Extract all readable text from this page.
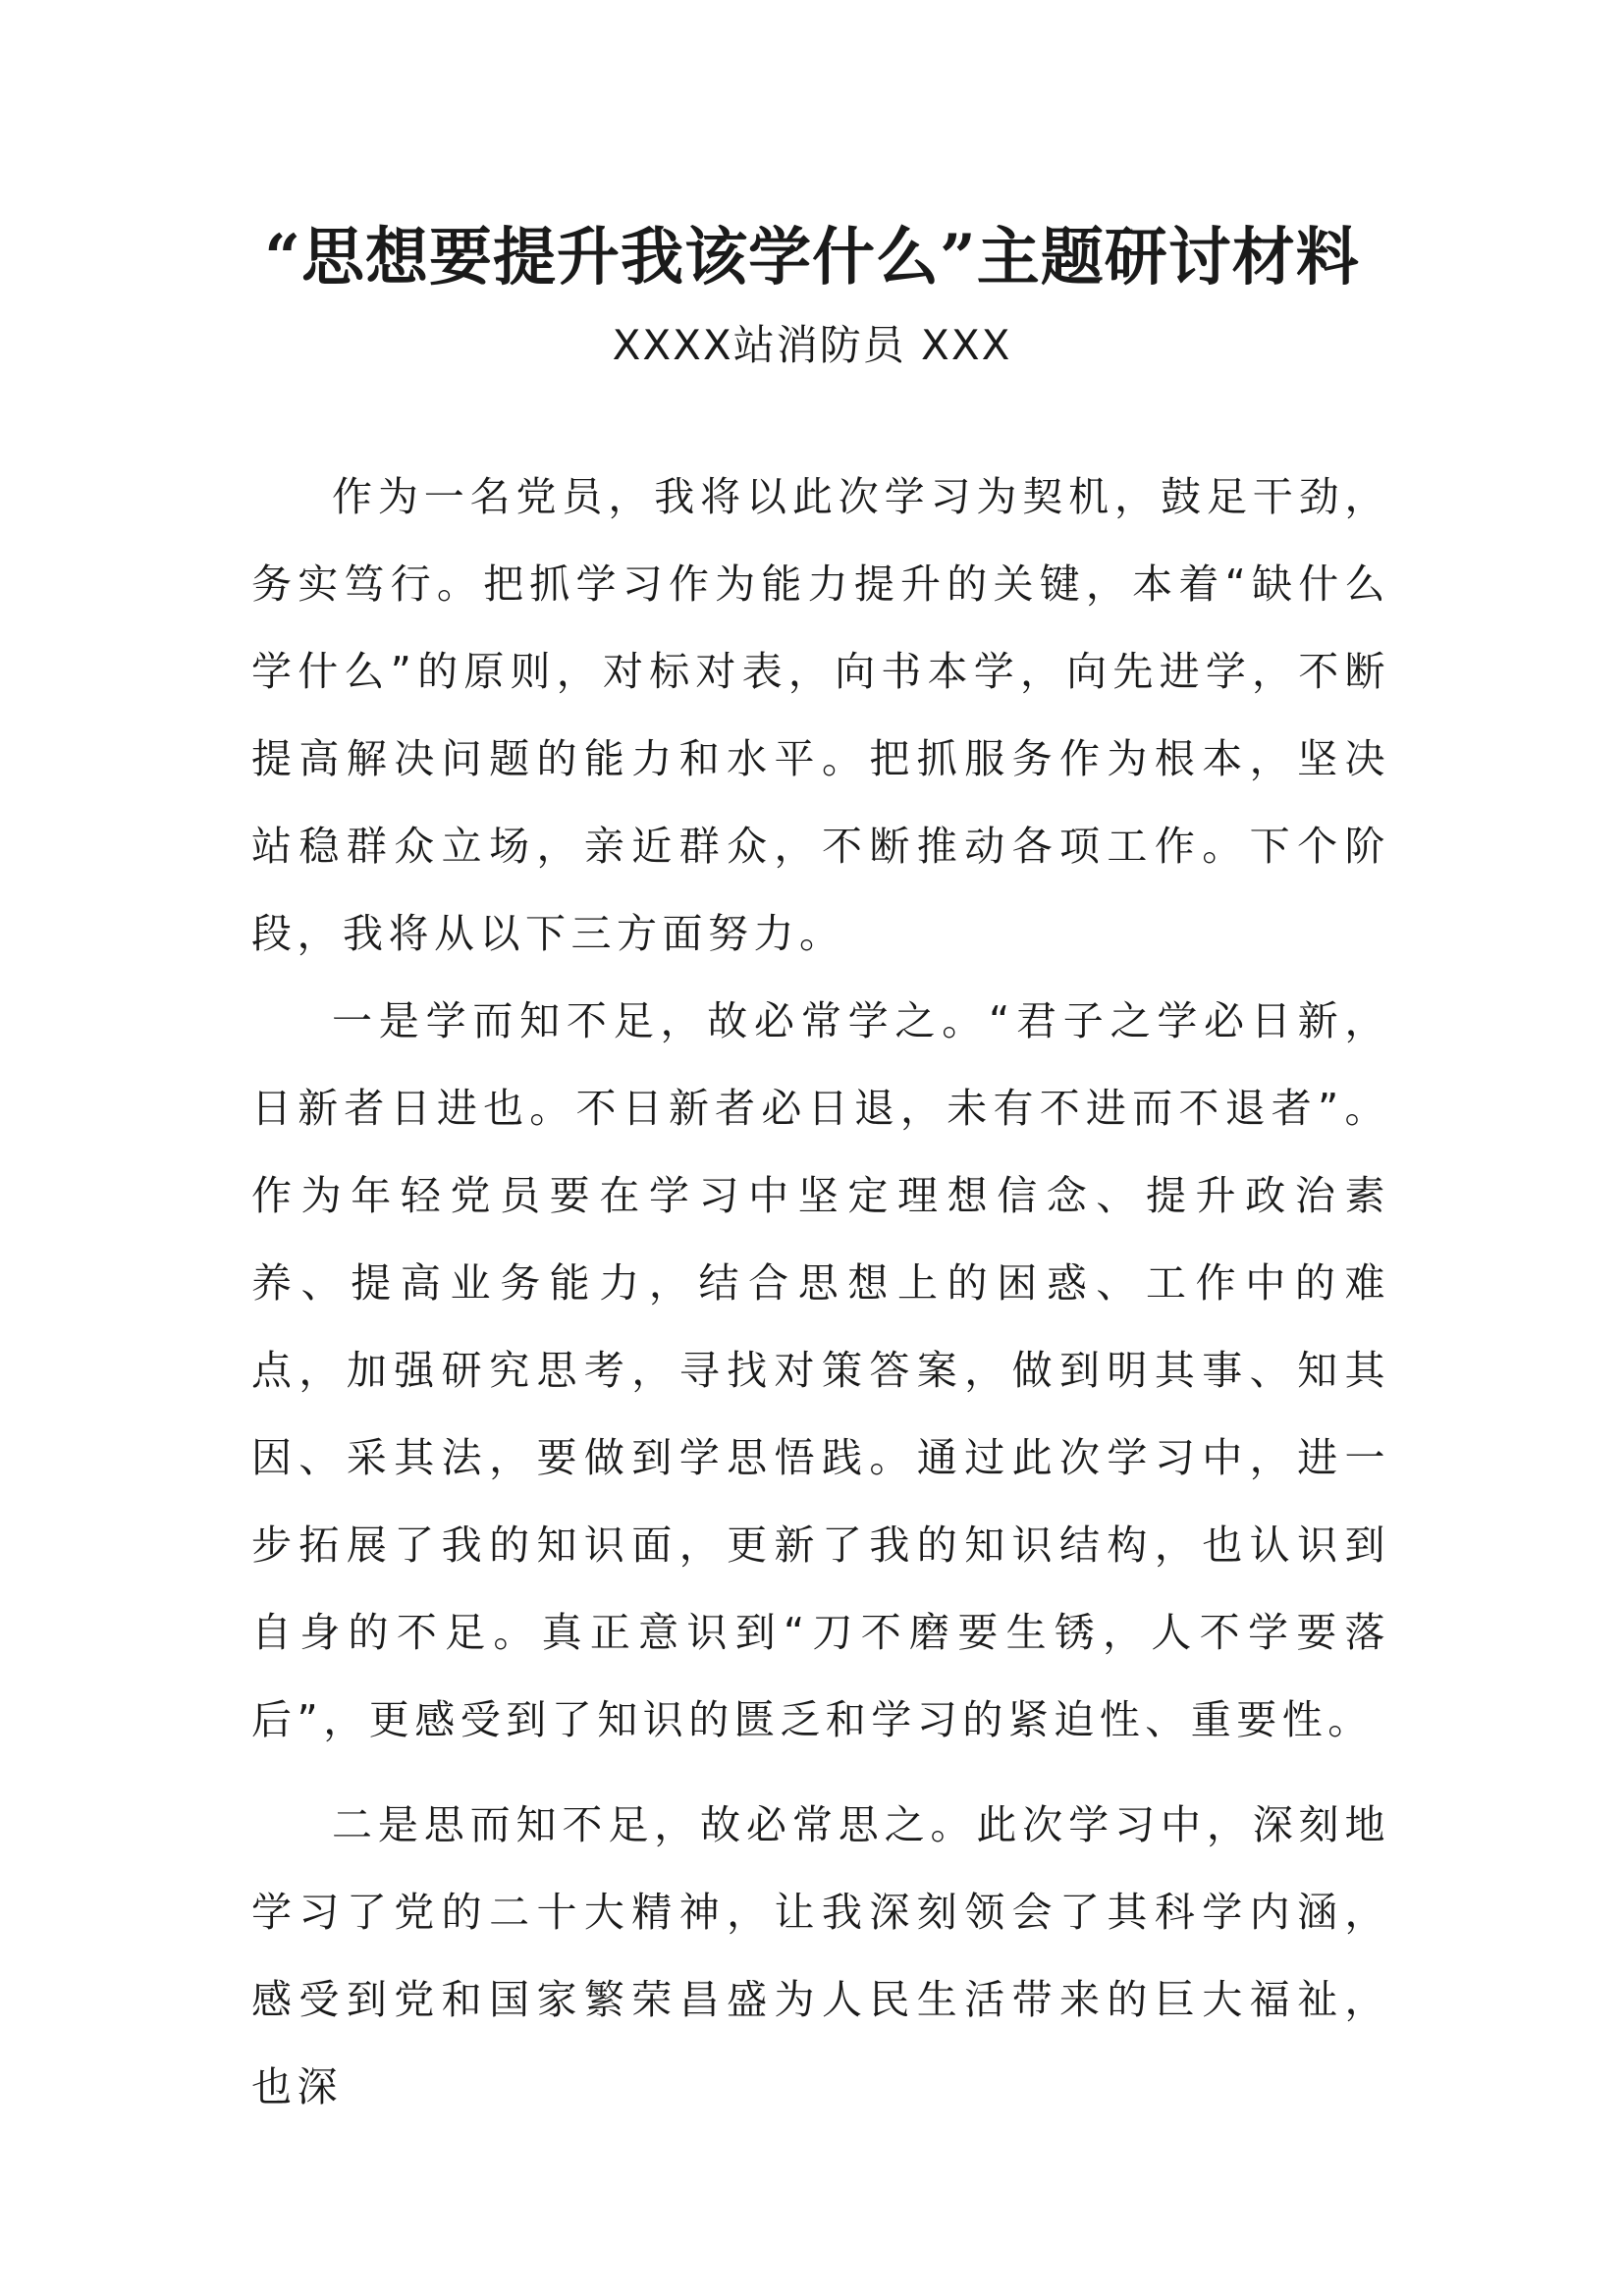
“思想要提升我该学什么”主题研讨材料
XXXX站消防员 XXX

作为一名党员，我将以此次学习为契机，鼓足干劲，务实笃行。把抓学习作为能力提升的关键，本着“缺什么学什么”的原则，对标对表，向书本学，向先进学，不断提高解决问题的能力和水平。把抓服务作为根本，坚决站稳群众立场，亲近群众，不断推动各项工作。下个阶段，我将从以下三方面努力。

一是学而知不足，故必常学之。“君子之学必日新，日新者日进也。不日新者必日退，未有不进而不退者”。作为年轻党员要在学习中坚定理想信念、提升政治素养、提高业务能力，结合思想上的困惑、工作中的难点，加强研究思考，寻找对策答案，做到明其事、知其因、采其法，要做到学思悟践。通过此次学习中，进一步拓展了我的知识面，更新了我的知识结构，也认识到自身的不足。真正意识到“刀不磨要生锈，人不学要落后”，更感受到了知识的匮乏和学习的紧迫性、重要性。

二是思而知不足，故必常思之。此次学习中，深刻地学习了党的二十大精神，让我深刻领会了其科学内涵，感受到党和国家繁荣昌盛为人民生活带来的巨大福祉，也深
